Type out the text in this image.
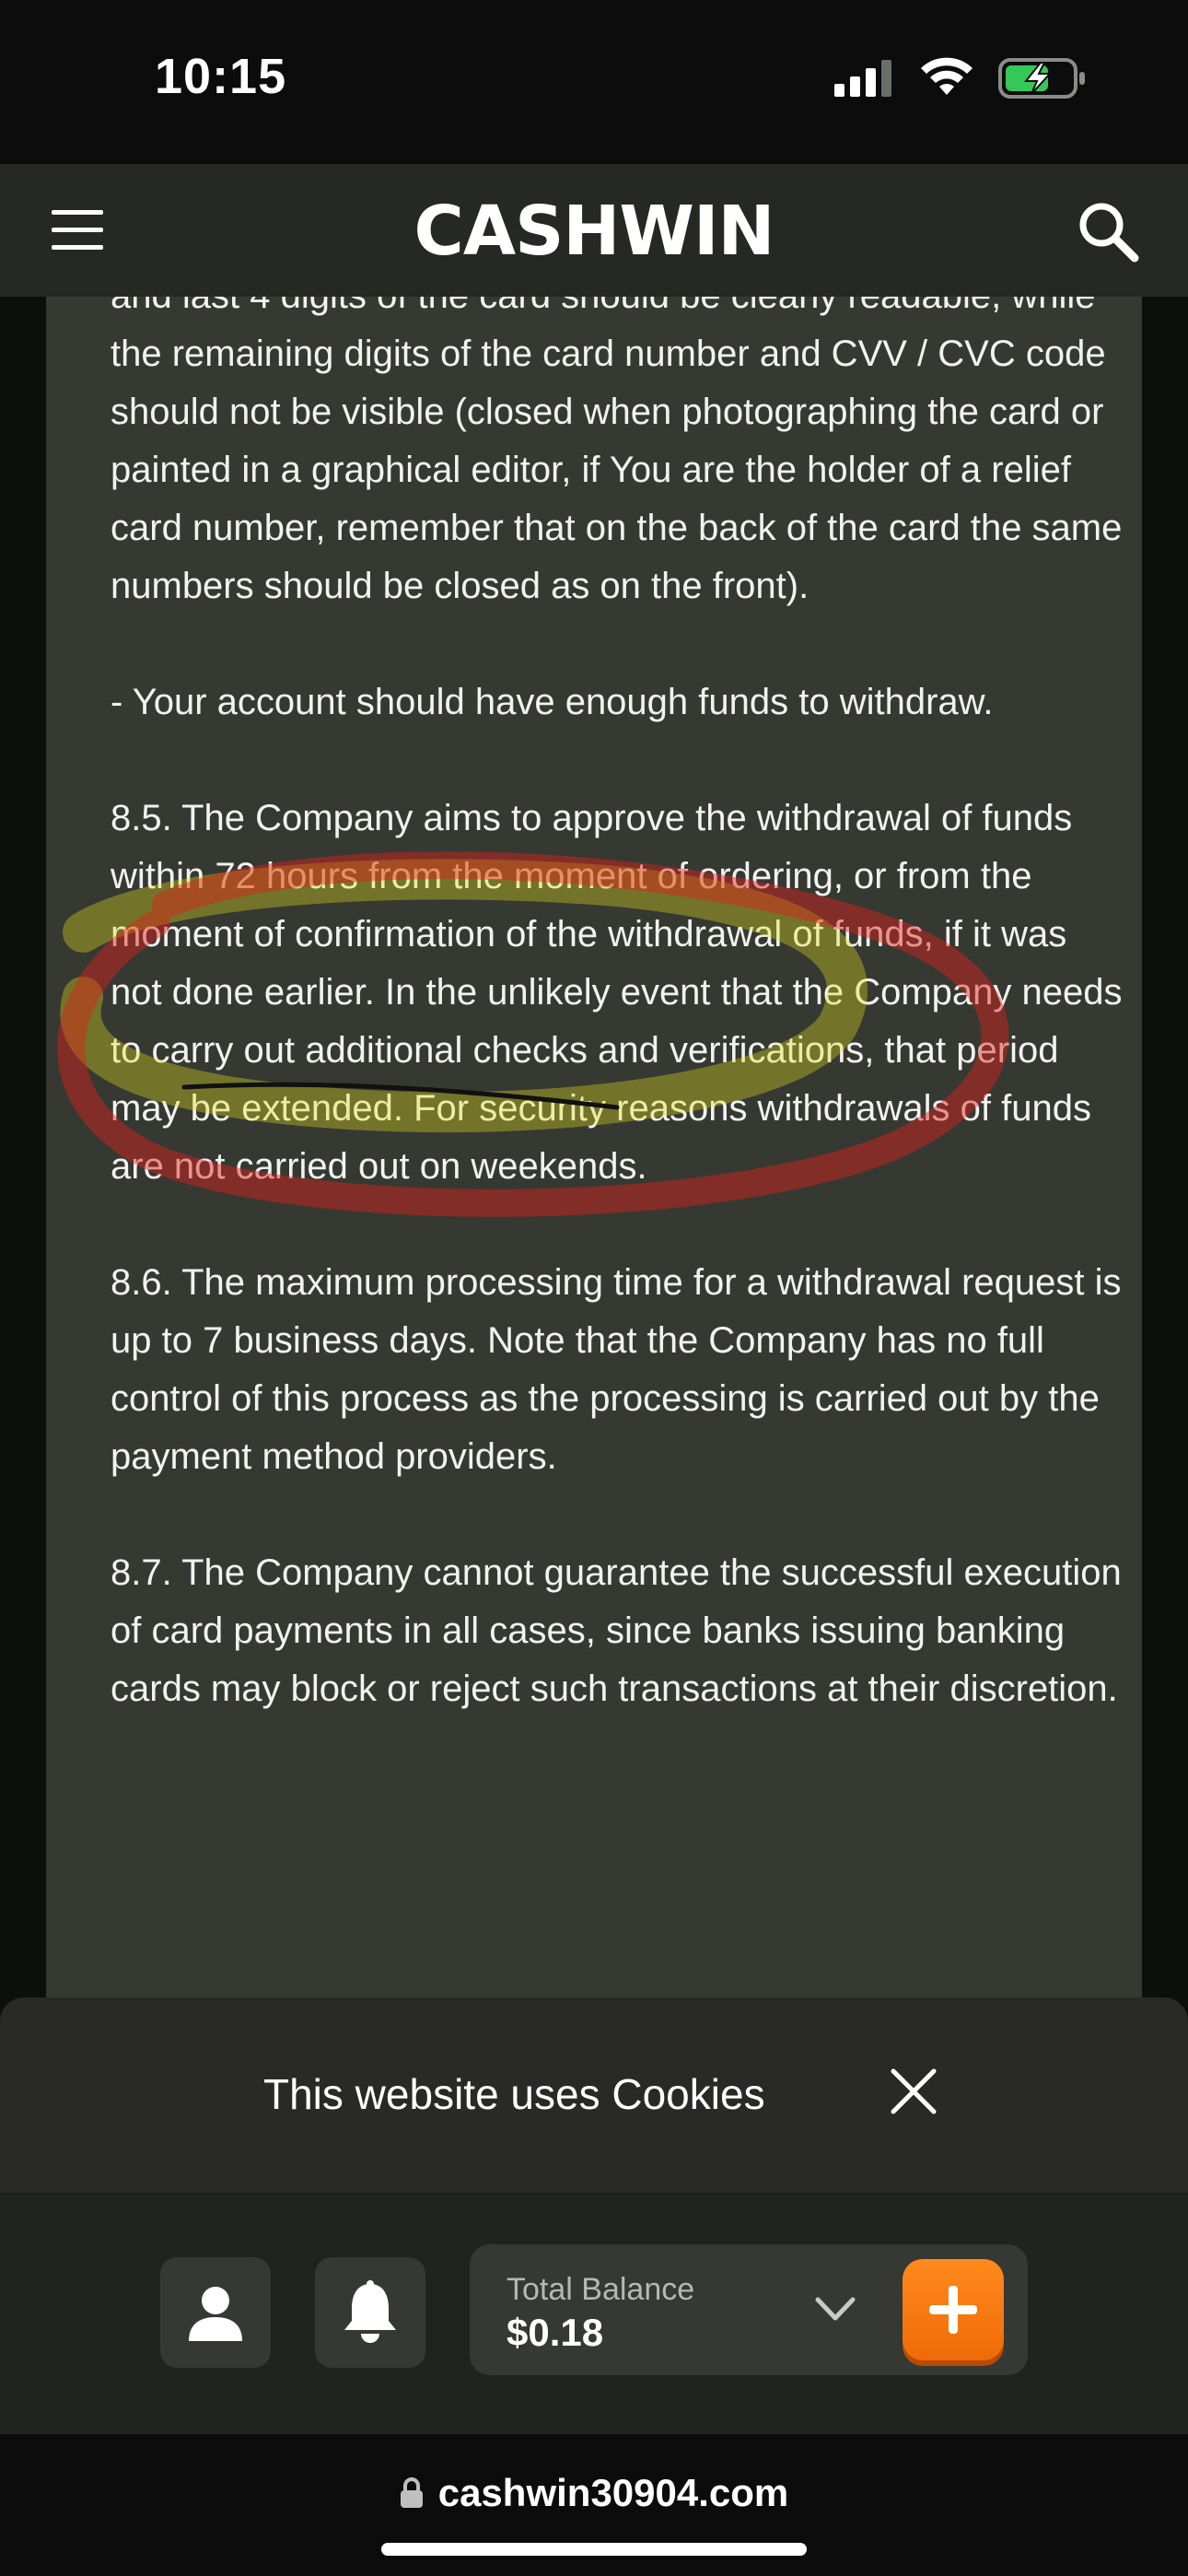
10:15
CASHWIN

the remaining digits of the card number and CVV / CVC code should not be visible (closed when photographing the card or painted in a graphical editor, if You are the holder of a relief card number, remember that on the back of the card the same numbers should be closed as on the front).

- Your account should have enough funds to withdraw.

8.5. The Company aims to approve the withdrawal of funds within 72 hours from the moment of ordering, or from the moment of confirmation of the withdrawal of funds, if it was not done earlier. In the unlikely event that the Company needs to carry out additional checks and verifications, that period may be extended. For security reasons withdrawals of funds are not carried out on weekends.

8.6. The maximum processing time for a withdrawal request is up to 7 business days. Note that the Company has no full control of this process as the processing is carried out by the payment method providers.

8.7. The Company cannot guarantee the successful execution of card payments in all cases, since banks issuing banking cards may block or reject such transactions at their discretion.

This website uses Cookies
Total Balance
$0.18
cashwin30904.com
